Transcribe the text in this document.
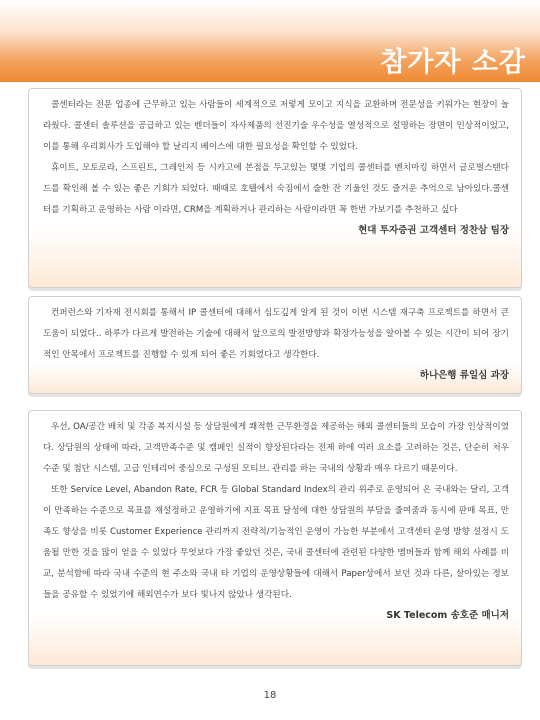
참가자 소감

콜센터라는 전문 업종에 근무하고 있는 사람들이 세계적으로 저렇게 모이고 지식을 교환하며 전문성을 키워가는 현장이 놀라웠다. 콜센터 솔루션을 공급하고 있는 벤더들이 자사제품의 선진기술 우수성을 열성적으로 설명하는 장면이 인상적이었고, 이를 통해 우리회사가 도입해야 할 날리지 베이스에 대한 필요성을 확인할 수 있었다.

휴이트, 모토로라, 스프린트, 그레인저 등 시카고에 본점을 두고있는 몇몇 기업의 콜센터를 벤치마킹 하면서 글로벌스탠다드를 확인해 볼 수 있는 좋은 기회가 되었다. 때때로 호텔에서 숙짐에서 술한 잔 기울인 것도 즐거운 추억으로 남아있다.콜센터를 기획하고 운영하는 사람 이라면, CRM을 계획하거나 관리하는 사람이라면 꼭 한번 가보기를 추천하고 싶다

현대 투자증권 고객센터 정찬삼 팀장

컨퍼런스와 기자재 전시회를 통해서 IP 콜센터에 대해서 심도깊게 알게 된 것이 이번 시스템 재구축 프로젝트를 하면서 큰 도움이 되었다.. 하루가 다르게 발전하는 기술에 대해서 앞으로의 발전방향과 확장가능성을 알아볼 수 있는 시간이 되어 장기적인 안목에서 프로젝트를 진행할 수 있게 되어 좋은 기회였다고 생각한다.

하나은행 류일심 과장

우선, OA/공간 배치 및 각종 복지시설 등 상담원에게 쾌적한 근무환경을 제공하는 해외 콜센터들의 모습이 가장 인상적이였다. 상담원의 상태에 따라, 고객만족수준 및 캠페인 실적이 향상된다라는 전제 하에 여러 요소를 고려하는 것은, 단순히 처우수준 및 첨단 시스템, 고급 인테리어 중심으로 구성된 모티브. 관리를 하는 국내의 상황과 매우 다르기 때문이다.

또한 Service Level, Abandon Rate, FCR 등 Global Standard Index의 관리 위주로 운영되어 온 국내와는 달리, 고객이 만족하는 수준으로 목표를 재설정하고 운영하기에 지표 목표 달성에 대한 상담원의 부담을 줄여줌과 동시에 판매 목표, 만족도 향상을 비롯 Customer Experience 관리까지 전략적/기능적인 운영이 가능한 부분에서 고객센터 운영 방향 설정시 도움될 만한 것을 많이 얻을 수 있었다 무엇보다 가장 좋았던 것은, 국내 콜센터에 관련된 다양한 멤버들과 함께 해외 사례를 비교, 분석함에 따라 국내 수준의 현 주소와 국내 타 기업의 운영상황들에 대해서 Paper상에서 보던 것과 다른, 살아있는 정보들을 공유할 수 있었기에 해외연수가 보다 빛나지 않았나 생각된다.

SK Telecom 송호준 매니저

18
